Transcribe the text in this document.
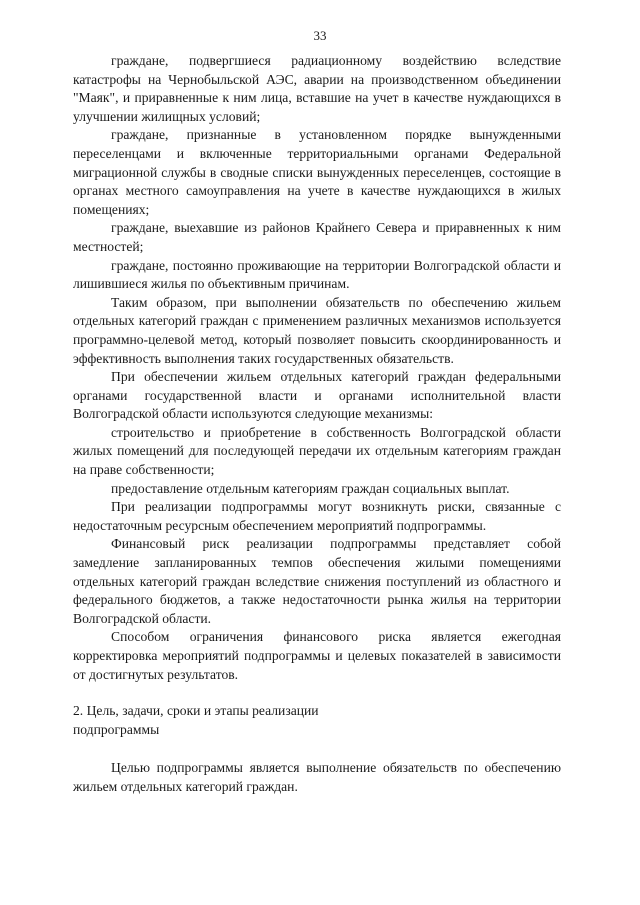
33

граждане, подвергшиеся радиационному воздействию вследствие катастрофы на Чернобыльской АЭС, аварии на производственном объединении "Маяк", и приравненные к ним лица, вставшие на учет в качестве нуждающихся в улучшении жилищных условий;

граждане, признанные в установленном порядке вынужденными переселенцами и включенные территориальными органами Федеральной миграционной службы в сводные списки вынужденных переселенцев, состоящие в органах местного самоуправления на учете в качестве нуждающихся в жилых помещениях;

граждане, выехавшие из районов Крайнего Севера и приравненных к ним местностей;

граждане, постоянно проживающие на территории Волгоградской области и лишившиеся жилья по объективным причинам.

Таким образом, при выполнении обязательств по обеспечению жильем отдельных категорий граждан с применением различных механизмов используется программно-целевой метод, который позволяет повысить скоординированность и эффективность выполнения таких государственных обязательств.

При обеспечении жильем отдельных категорий граждан федеральными органами государственной власти и органами исполнительной власти Волгоградской области используются следующие механизмы:

строительство и приобретение в собственность Волгоградской области жилых помещений для последующей передачи их отдельным категориям граждан на праве собственности;

предоставление отдельным категориям граждан социальных выплат.

При реализации подпрограммы могут возникнуть риски, связанные с недостаточным ресурсным обеспечением мероприятий подпрограммы.

Финансовый риск реализации подпрограммы представляет собой замедление запланированных темпов обеспечения жилыми помещениями отдельных категорий граждан вследствие снижения поступлений из областного и федерального бюджетов, а также недостаточности рынка жилья на территории Волгоградской области.

Способом ограничения финансового риска является ежегодная корректировка мероприятий подпрограммы и целевых показателей в зависимости от достигнутых результатов.

2. Цель, задачи, сроки и этапы реализации
подпрограммы

Целью подпрограммы является выполнение обязательств по обеспечению жильем отдельных категорий граждан.
